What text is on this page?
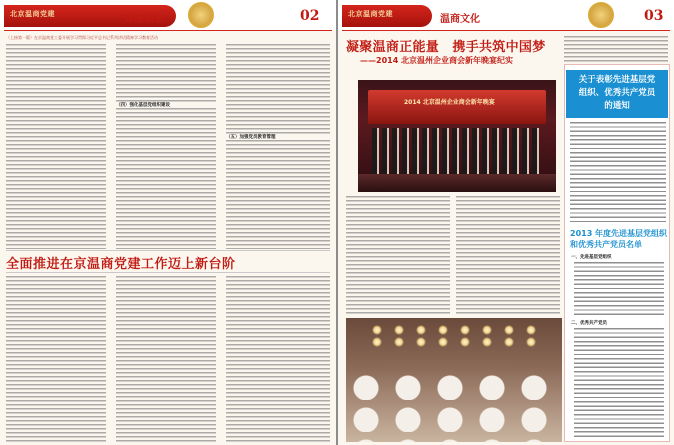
北京温商党建	党建动态	02
（上接第一版）在京温商党工委开展学习贯彻习近平总书记系列讲话精神学习教育活动
（四）强化基层党组织建设
（五）加强党员教育管理
全面推进在京温商党建工作迈上新台阶
北京温商党建	温商文化	03
凝聚温商正能量　携手共筑中国梦
——2014 北京温州企业商会新年晚宴纪实
2014 北京温州企业商会新年晚宴
关于表彰先进基层党
组织、优秀共产党员
的通知
2013 年度先进基层党组织和优秀共产党员名单
一、先进基层党组织
二、优秀共产党员
